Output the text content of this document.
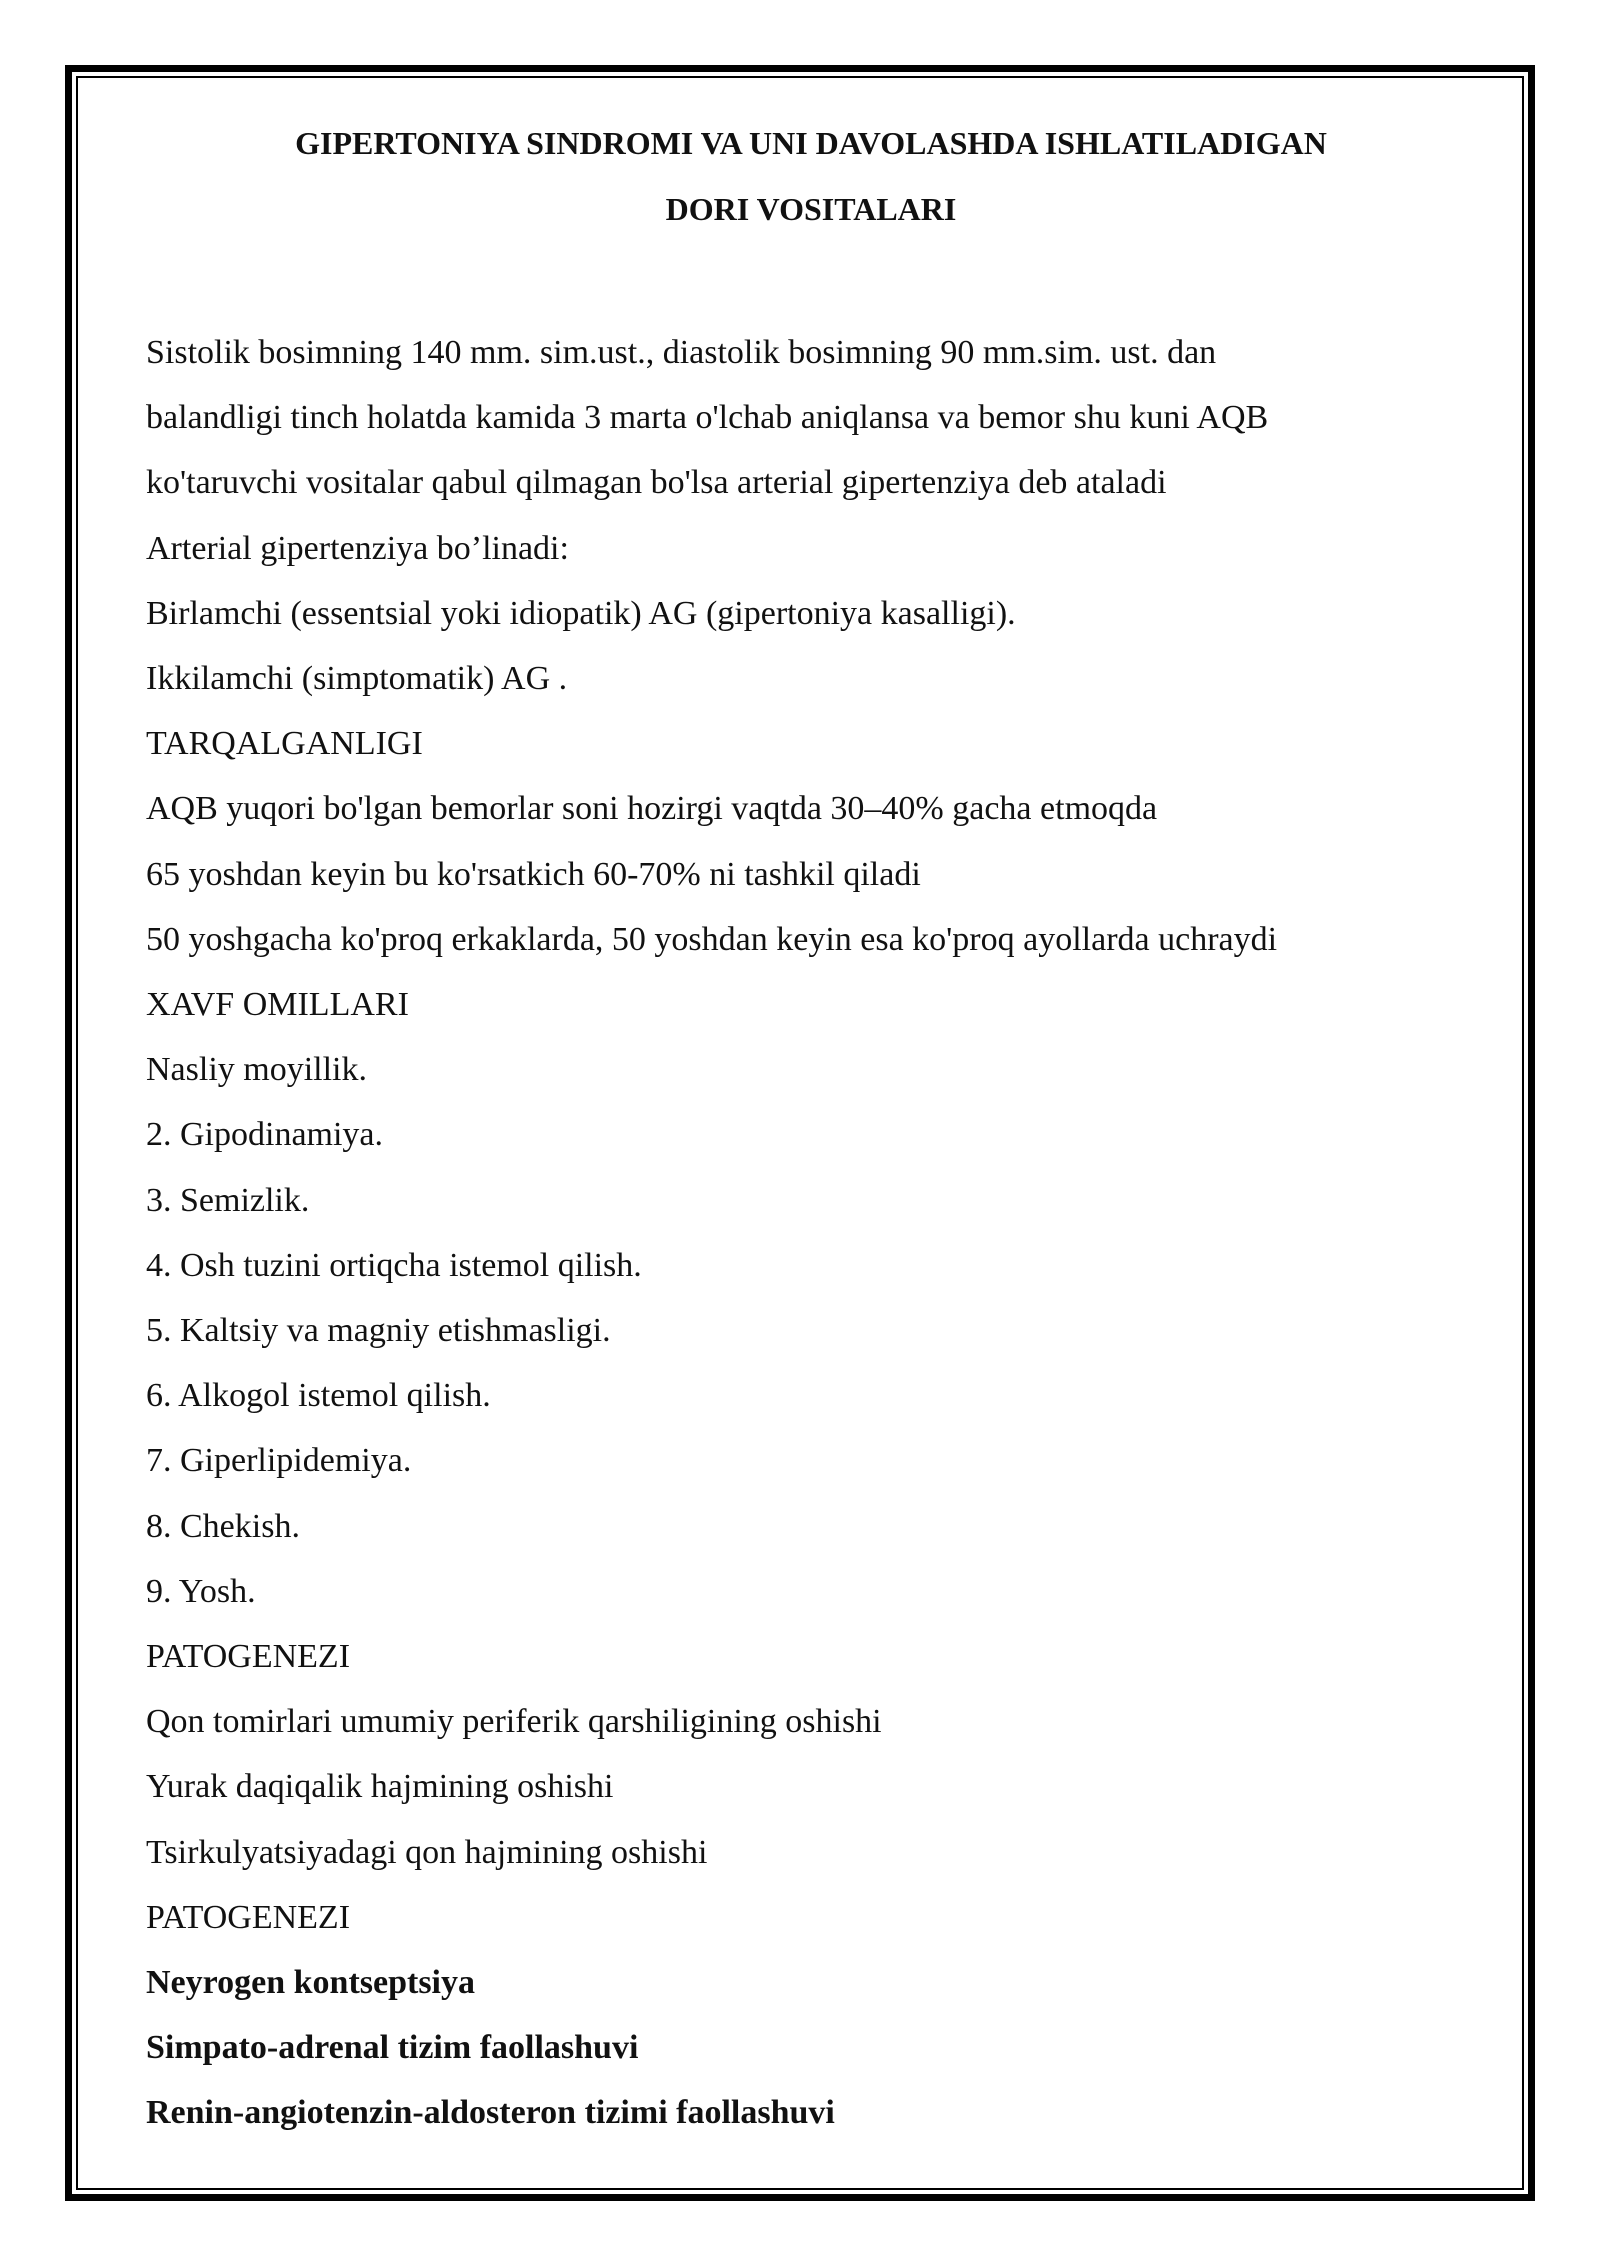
GIPERTONIYA SINDROMI VA UNI DAVOLASHDA ISHLATILADIGAN
DORI VOSITALARI

Sistolik bosimning 140 mm. sim.ust., diastolik bosimning 90 mm.sim. ust. dan

balandligi tinch holatda kamida 3 marta o'lchab aniqlansa va bemor shu kuni AQB

ko'taruvchi vositalar qabul qilmagan bo'lsa arterial gipertenziya deb ataladi

Arterial gipertenziya bo’linadi:

Birlamchi (essentsial yoki idiopatik) AG (gipertoniya kasalligi).

Ikkilamchi (simptomatik) AG .

TARQALGANLIGI

AQB yuqori bo'lgan bemorlar soni hozirgi vaqtda 30–40% gacha etmoqda

65 yoshdan keyin bu ko'rsatkich 60-70% ni tashkil qiladi

50 yoshgacha ko'proq erkaklarda, 50 yoshdan keyin esa ko'proq ayollarda uchraydi

XAVF OMILLARI

Nasliy moyillik.

2. Gipodinamiya.

3. Semizlik.

4. Osh tuzini ortiqcha istemol qilish.

5. Kaltsiy va magniy etishmasligi.

6. Alkogol istemol qilish.

7. Giperlipidemiya.

8. Chekish.

9. Yosh.

PATOGENEZI

Qon tomirlari umumiy periferik qarshiligining oshishi

Yurak daqiqalik hajmining oshishi

Tsirkulyatsiyadagi qon hajmining oshishi

PATOGENEZI

Neyrogen kontseptsiya

Simpato-adrenal tizim faollashuvi

Renin-angiotenzin-aldosteron tizimi faollashuvi
